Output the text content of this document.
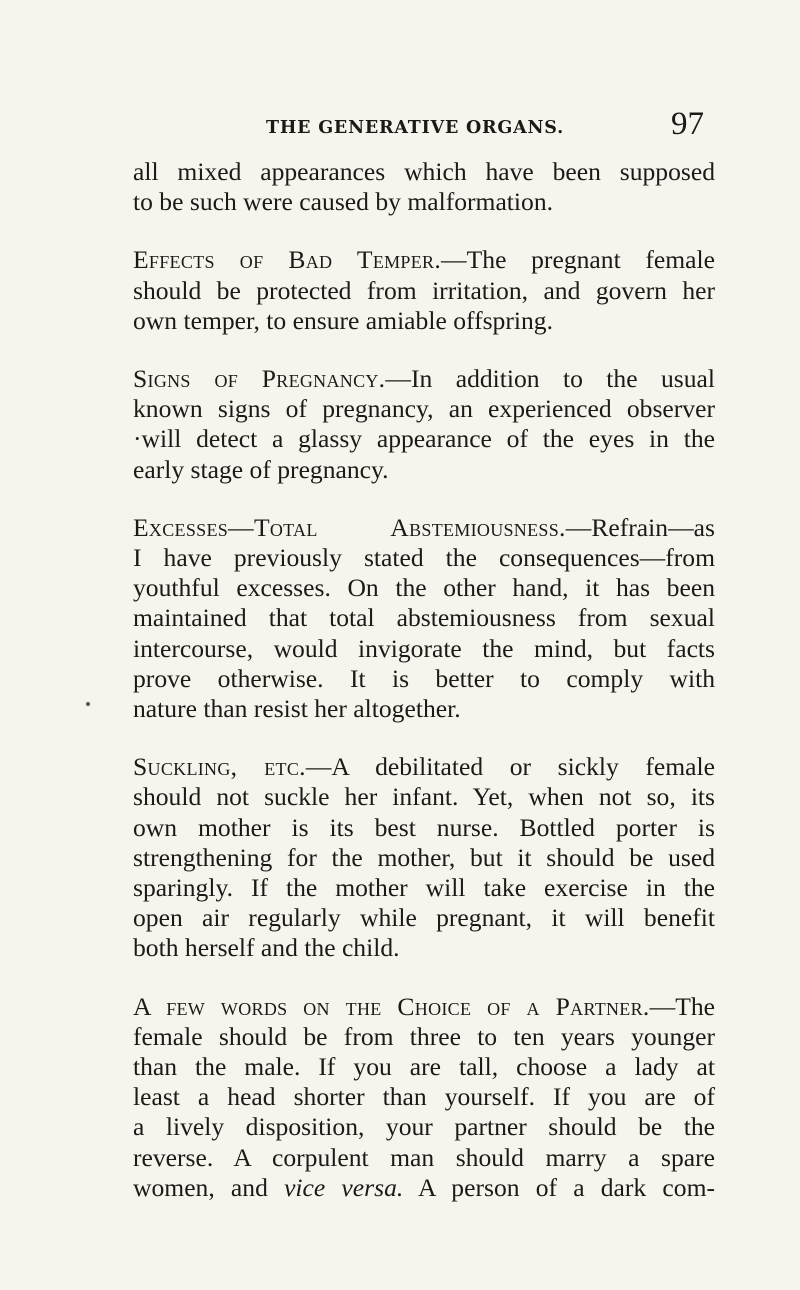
THE GENERATIVE ORGANS.	97

all mixed appearances which have been supposed
to be such were caused by malformation.

Effects of Bad Temper.—The pregnant female
should be protected from irritation, and govern her
own temper, to ensure amiable offspring.

Signs of Pregnancy.—In addition to the usual
known signs of pregnancy, an experienced observer
·will detect a glassy appearance of the eyes in the
early stage of pregnancy.

Excesses—Total Abstemiousness.—Refrain—as
I have previously stated the consequences—from
youthful excesses. On the other hand, it has been
maintained that total abstemiousness from sexual
intercourse, would invigorate the mind, but facts
prove otherwise. It is better to comply with
nature than resist her altogether.

Suckling, etc.—A debilitated or sickly female
should not suckle her infant. Yet, when not so, its
own mother is its best nurse. Bottled porter is
strengthening for the mother, but it should be used
sparingly. If the mother will take exercise in the
open air regularly while pregnant, it will benefit
both herself and the child.

A few words on the Choice of a Partner.—The
female should be from three to ten years younger
than the male. If you are tall, choose a lady at
least a head shorter than yourself. If you are of
a lively disposition, your partner should be the
reverse. A corpulent man should marry a spare
women, and vice versa. A person of a dark com-
